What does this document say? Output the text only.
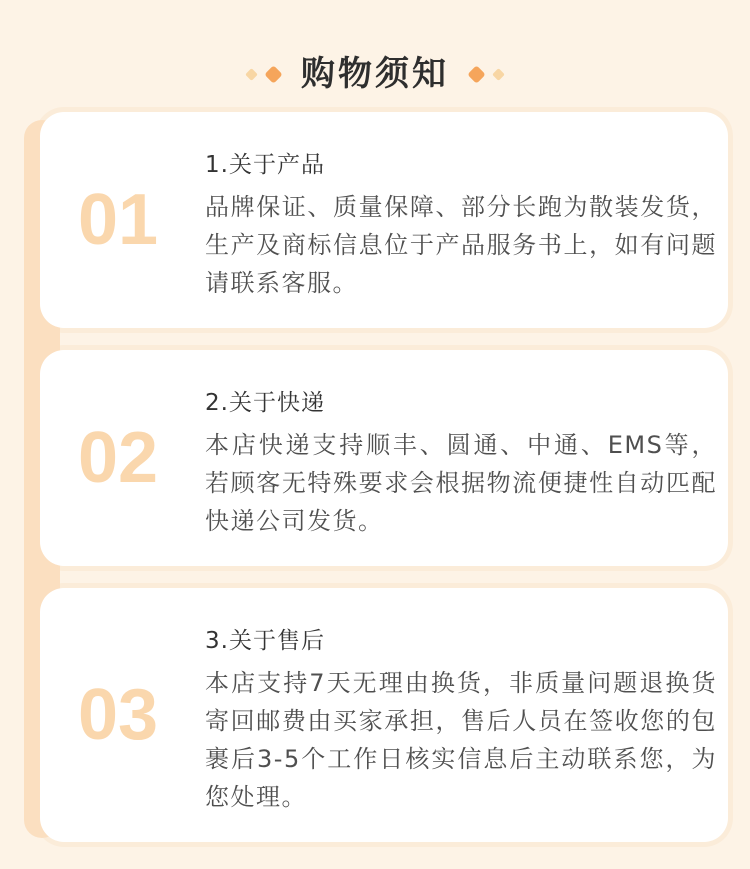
购物须知
01
1.关于产品

品牌保证、质量保障、部分长跑为散装发货，生产及商标信息位于产品服务书上，如有问题请联系客服。

02
2.关于快递

本店快递支持顺丰、圆通、中通、EMS等，若顾客无特殊要求会根据物流便捷性自动匹配快递公司发货。

03
3.关于售后

本店支持7天无理由换货，非质量问题退换货寄回邮费由买家承担，售后人员在签收您的包裹后3-5个工作日核实信息后主动联系您，为您处理。
